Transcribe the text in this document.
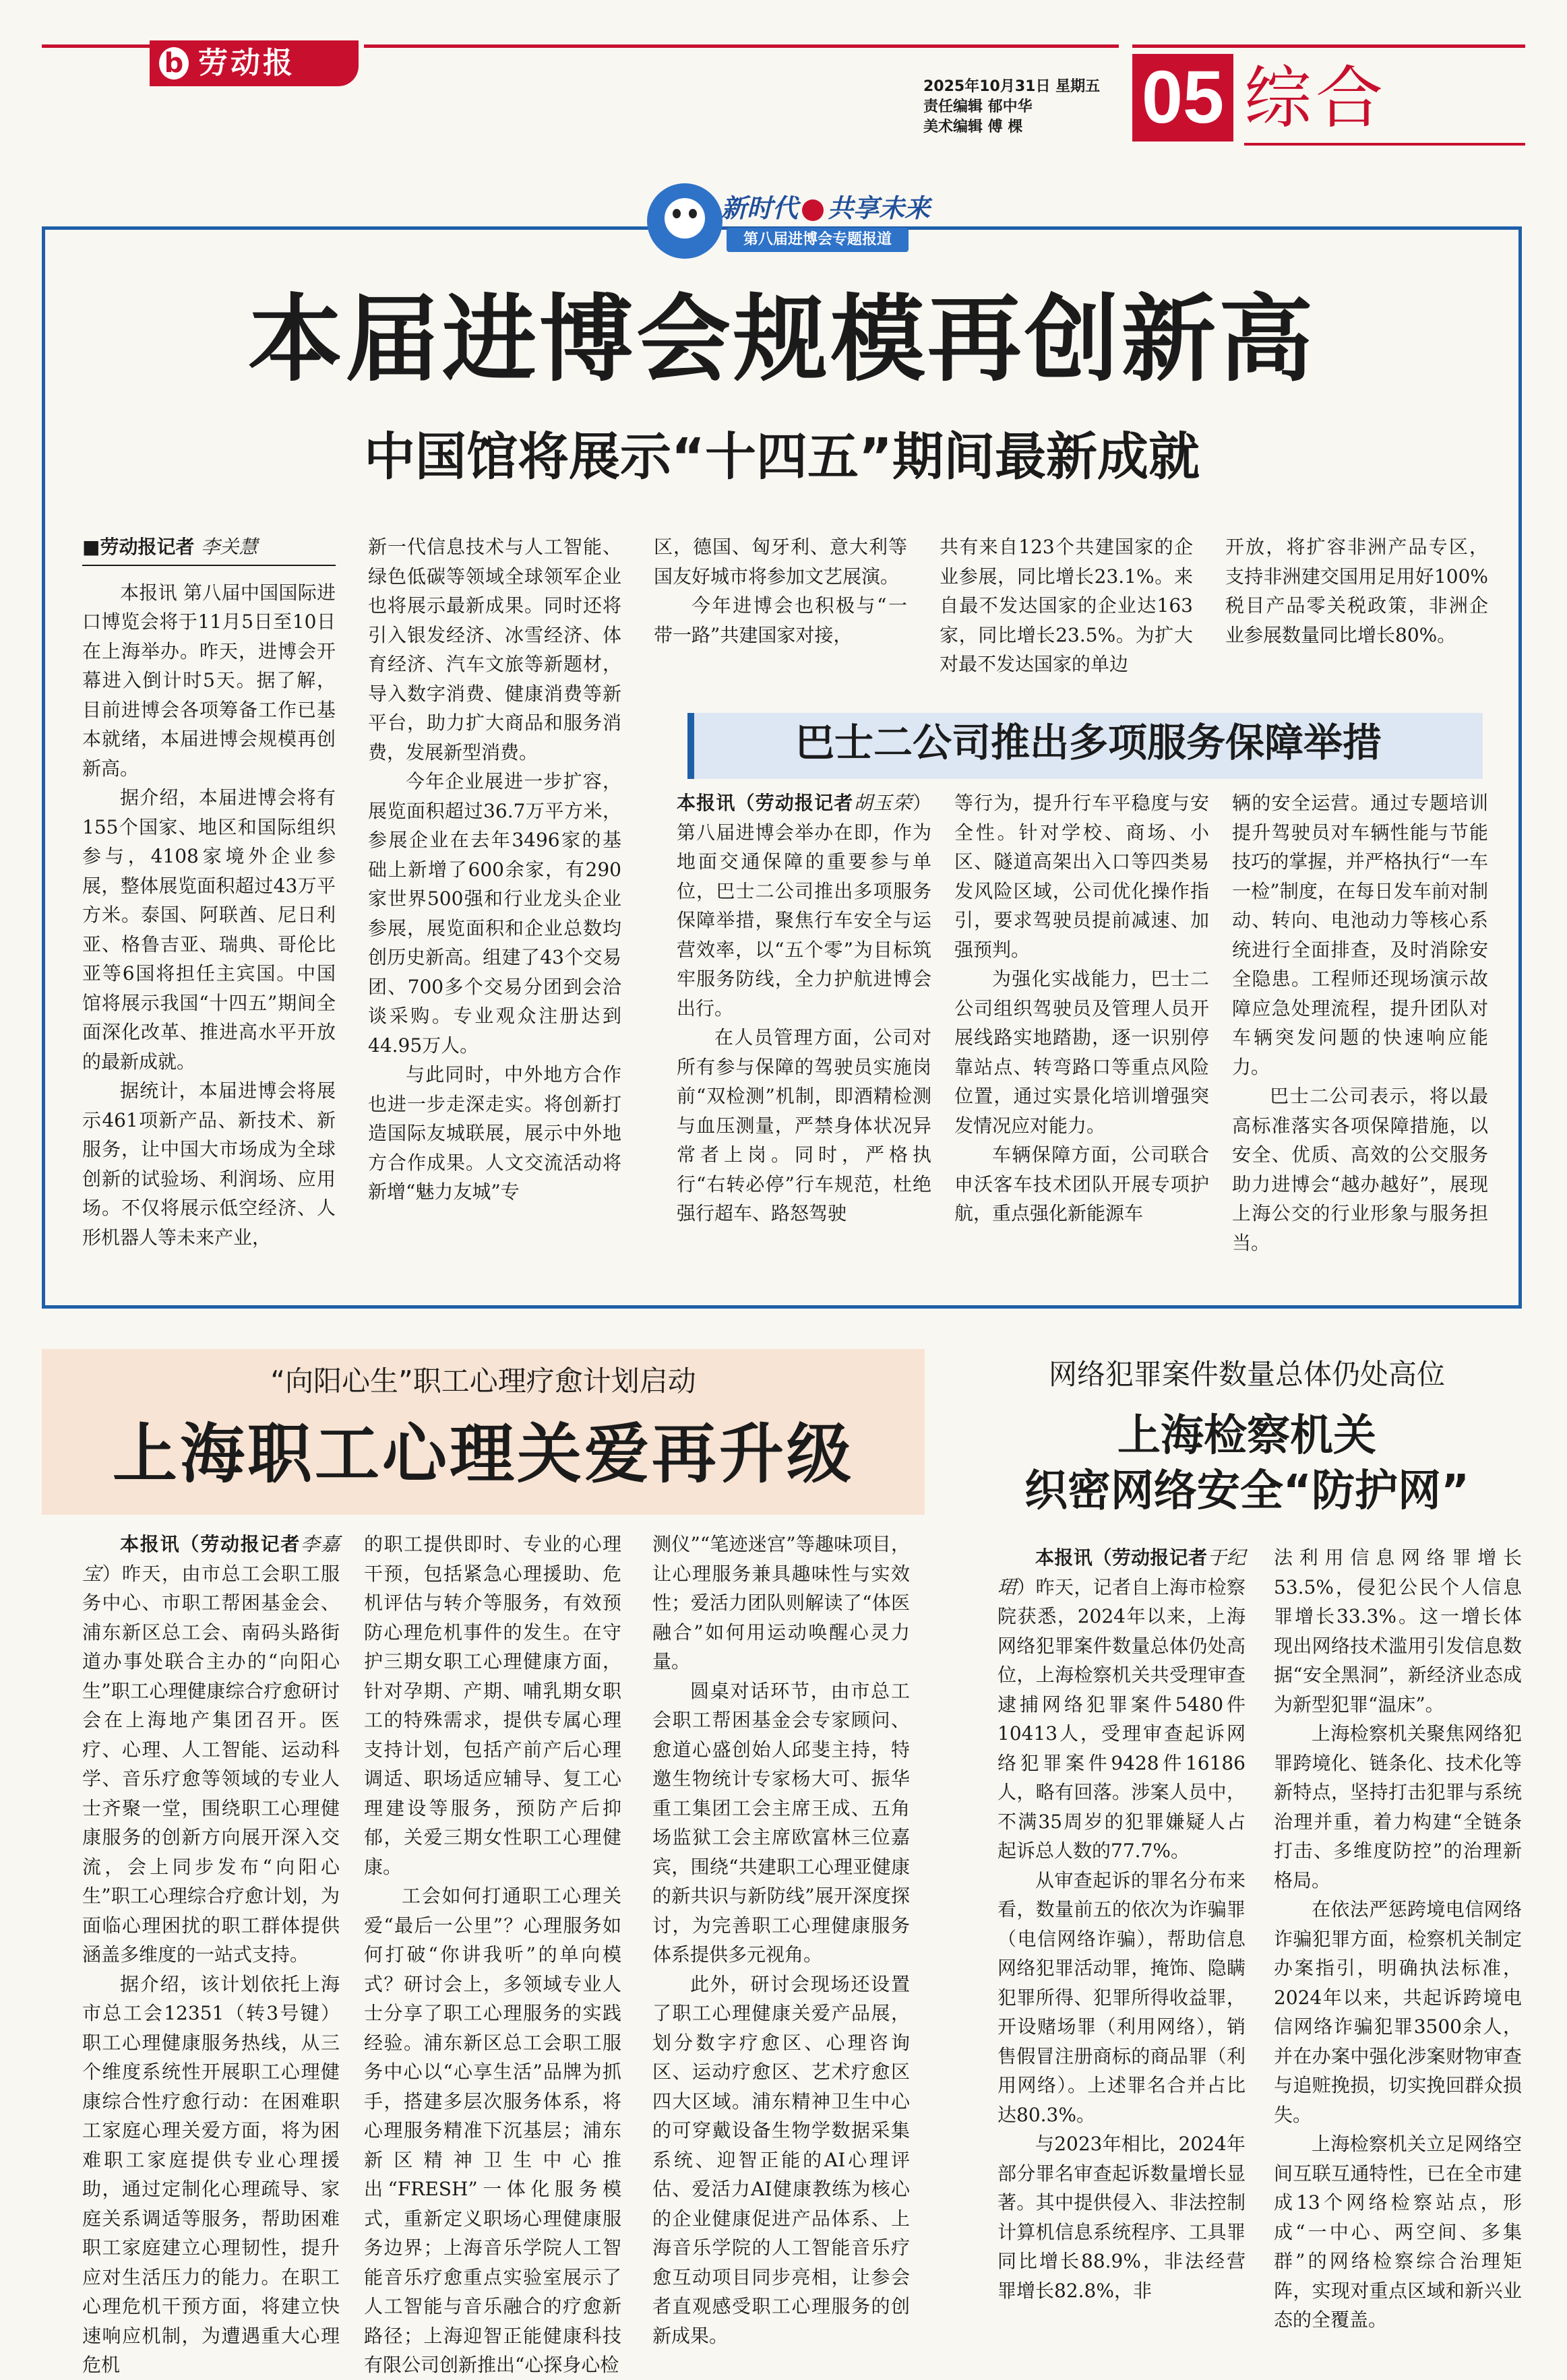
b 劳动报
2025年10月31日 星期五
责任编辑 郁中华
美术编辑 傅 棵	05 综合
新时代 共享未来
第八届进博会专题报道
本届进博会规模再创新高
中国馆将展示“十四五”期间最新成就

■劳动报记者 李关慧

本报讯 第八届中国国际进口博览会将于11月5日至10日在上海举办。昨天，进博会开幕进入倒计时5天。据了解，目前进博会各项筹备工作已基本就绪，本届进博会规模再创新高。

据介绍，本届进博会将有155个国家、地区和国际组织参与，4108家境外企业参展，整体展览面积超过43万平方米。泰国、阿联酋、尼日利亚、格鲁吉亚、瑞典、哥伦比亚等6国将担任主宾国。中国馆将展示我国“十四五”期间全面深化改革、推进高水平开放的最新成就。

据统计，本届进博会将展示461项新产品、新技术、新服务，让中国大市场成为全球创新的试验场、利润场、应用场。不仅将展示低空经济、人形机器人等未来产业，

新一代信息技术与人工智能、绿色低碳等领域全球领军企业也将展示最新成果。同时还将引入银发经济、冰雪经济、体育经济、汽车文旅等新题材，导入数字消费、健康消费等新平台，助力扩大商品和服务消费，发展新型消费。

今年企业展进一步扩容，展览面积超过36.7万平方米，参展企业在去年3496家的基础上新增了600余家，有290家世界500强和行业龙头企业参展，展览面积和企业总数均创历史新高。组建了43个交易团、700多个交易分团到会洽谈采购。专业观众注册达到44.95万人。

与此同时，中外地方合作也进一步走深走实。将创新打造国际友城联展，展示中外地方合作成果。人文交流活动将新增“魅力友城”专

区，德国、匈牙利、意大利等国友好城市将参加文艺展演。

今年进博会也积极与“一带一路”共建国家对接，

共有来自123个共建国家的企业参展，同比增长23.1%。来自最不发达国家的企业达163家，同比增长23.5%。为扩大对最不发达国家的单边

开放，将扩容非洲产品专区，支持非洲建交国用足用好100%税目产品零关税政策，非洲企业参展数量同比增长80%。

巴士二公司推出多项服务保障举措

本报讯（劳动报记者胡玉荣）第八届进博会举办在即，作为地面交通保障的重要参与单位，巴士二公司推出多项服务保障举措，聚焦行车安全与运营效率，以“五个零”为目标筑牢服务防线，全力护航进博会出行。

在人员管理方面，公司对所有参与保障的驾驶员实施岗前“双检测”机制，即酒精检测与血压测量，严禁身体状况异常者上岗。同时，严格执行“右转必停”行车规范，杜绝强行超车、路怒驾驶

等行为，提升行车平稳度与安全性。针对学校、商场、小区、隧道高架出入口等四类易发风险区域，公司优化操作指引，要求驾驶员提前减速、加强预判。

为强化实战能力，巴士二公司组织驾驶员及管理人员开展线路实地踏勘，逐一识别停靠站点、转弯路口等重点风险位置，通过实景化培训增强突发情况应对能力。

车辆保障方面，公司联合申沃客车技术团队开展专项护航，重点强化新能源车

辆的安全运营。通过专题培训提升驾驶员对车辆性能与节能技巧的掌握，并严格执行“一车一检”制度，在每日发车前对制动、转向、电池动力等核心系统进行全面排查，及时消除安全隐患。工程师还现场演示故障应急处理流程，提升团队对车辆突发问题的快速响应能力。

巴士二公司表示，将以最高标准落实各项保障措施，以安全、优质、高效的公交服务助力进博会“越办越好”，展现上海公交的行业形象与服务担当。

“向阳心生”职工心理疗愈计划启动
上海职工心理关爱再升级

本报讯（劳动报记者李嘉宝）昨天，由市总工会职工服务中心、市职工帮困基金会、浦东新区总工会、南码头路街道办事处联合主办的“向阳心生”职工心理健康综合疗愈研讨会在上海地产集团召开。医疗、心理、人工智能、运动科学、音乐疗愈等领域的专业人士齐聚一堂，围绕职工心理健康服务的创新方向展开深入交流，会上同步发布“向阳心生”职工心理综合疗愈计划，为面临心理困扰的职工群体提供涵盖多维度的一站式支持。

据介绍，该计划依托上海市总工会12351（转3号键）职工心理健康服务热线，从三个维度系统性开展职工心理健康综合性疗愈行动：在困难职工家庭心理关爱方面，将为困难职工家庭提供专业心理援助，通过定制化心理疏导、家庭关系调适等服务，帮助困难职工家庭建立心理韧性，提升应对生活压力的能力。在职工心理危机干预方面，将建立快速响应机制，为遭遇重大心理危机

的职工提供即时、专业的心理干预，包括紧急心理援助、危机评估与转介等服务，有效预防心理危机事件的发生。在守护三期女职工心理健康方面，针对孕期、产期、哺乳期女职工的特殊需求，提供专属心理支持计划，包括产前产后心理调适、职场适应辅导、复工心理建设等服务，预防产后抑郁，关爱三期女性职工心理健康。

工会如何打通职工心理关爱“最后一公里”？心理服务如何打破“你讲我听”的单向模式？研讨会上，多领域专业人士分享了职工心理服务的实践经验。浦东新区总工会职工服务中心以“心享生活”品牌为抓手，搭建多层次服务体系，将心理服务精准下沉基层；浦东新区精神卫生中心推出“FRESH”一体化服务模式，重新定义职场心理健康服务边界；上海音乐学院人工智能音乐疗愈重点实验室展示了人工智能与音乐融合的疗愈新路径；上海迎智正能健康科技有限公司创新推出“心探身心检

测仪”“笔迹迷宫”等趣味项目，让心理服务兼具趣味性与实效性；爱活力团队则解读了“体医融合”如何用运动唤醒心灵力量。

圆桌对话环节，由市总工会职工帮困基金会专家顾问、愈道心盛创始人邱斐主持，特邀生物统计专家杨大可、振华重工集团工会主席王成、五角场监狱工会主席欧富林三位嘉宾，围绕“共建职工心理亚健康的新共识与新防线”展开深度探讨，为完善职工心理健康服务体系提供多元视角。

此外，研讨会现场还设置了职工心理健康关爱产品展，划分数字疗愈区、心理咨询区、运动疗愈区、艺术疗愈区四大区域。浦东精神卫生中心的可穿戴设备生物学数据采集系统、迎智正能的AI心理评估、爱活力AI健康教练为核心的企业健康促进产品体系、上海音乐学院的人工智能音乐疗愈互动项目同步亮相，让参会者直观感受职工心理服务的创新成果。

网络犯罪案件数量总体仍处高位
上海检察机关
织密网络安全“防护网”

本报讯（劳动报记者于纪珺）昨天，记者自上海市检察院获悉，2024年以来，上海网络犯罪案件数量总体仍处高位，上海检察机关共受理审查逮捕网络犯罪案件5480件10413人，受理审查起诉网络犯罪案件9428件16186人，略有回落。涉案人员中，不满35周岁的犯罪嫌疑人占起诉总人数的77.7%。

从审查起诉的罪名分布来看，数量前五的依次为诈骗罪（电信网络诈骗），帮助信息网络犯罪活动罪，掩饰、隐瞒犯罪所得、犯罪所得收益罪，开设赌场罪（利用网络），销售假冒注册商标的商品罪（利用网络）。上述罪名合并占比达80.3%。

与2023年相比，2024年部分罪名审查起诉数量增长显著。其中提供侵入、非法控制计算机信息系统程序、工具罪同比增长88.9%，非法经营罪增长82.8%，非

法利用信息网络罪增长53.5%，侵犯公民个人信息罪增长33.3%。这一增长体现出网络技术滥用引发信息数据“安全黑洞”，新经济业态成为新型犯罪“温床”。

上海检察机关聚焦网络犯罪跨境化、链条化、技术化等新特点，坚持打击犯罪与系统治理并重，着力构建“全链条打击、多维度防控”的治理新格局。

在依法严惩跨境电信网络诈骗犯罪方面，检察机关制定办案指引，明确执法标准，2024年以来，共起诉跨境电信网络诈骗犯罪3500余人，并在办案中强化涉案财物审查与追赃挽损，切实挽回群众损失。

上海检察机关立足网络空间互联互通特性，已在全市建成13个网络检察站点，形成“一中心、两空间、多集群”的网络检察综合治理矩阵，实现对重点区域和新兴业态的全覆盖。
